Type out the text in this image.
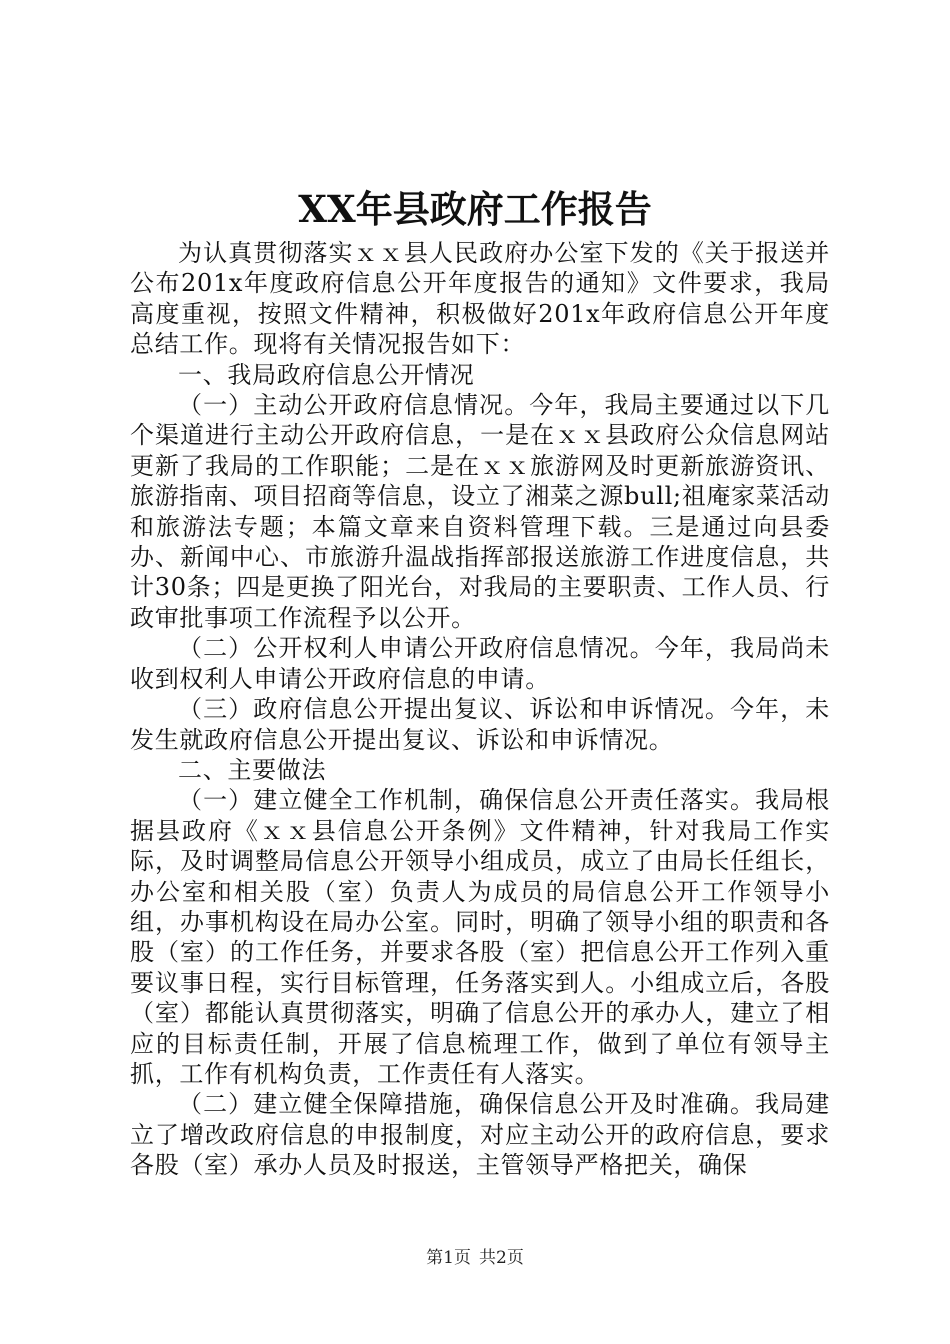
XX年县政府工作报告

为认真贯彻落实ｘｘ县人民政府办公室下发的《关于报送并公布201x年度政府信息公开年度报告的通知》文件要求，我局高度重视，按照文件精神，积极做好201x年政府信息公开年度总结工作。现将有关情况报告如下：

一、我局政府信息公开情况

（一）主动公开政府信息情况。今年，我局主要通过以下几个渠道进行主动公开政府信息，一是在ｘｘ县政府公众信息网站更新了我局的工作职能；二是在ｘｘ旅游网及时更新旅游资讯、旅游指南、项目招商等信息，设立了湘菜之源bull;祖庵家菜活动和旅游法专题；本篇文章来自资料管理下载。三是通过向县委办、新闻中心、市旅游升温战指挥部报送旅游工作进度信息，共计30条；四是更换了阳光台，对我局的主要职责、工作人员、行政审批事项工作流程予以公开。

（二）公开权利人申请公开政府信息情况。今年，我局尚未收到权利人申请公开政府信息的申请。

（三）政府信息公开提出复议、诉讼和申诉情况。今年，未发生就政府信息公开提出复议、诉讼和申诉情况。

二、主要做法

（一）建立健全工作机制，确保信息公开责任落实。我局根据县政府《ｘｘ县信息公开条例》文件精神，针对我局工作实际，及时调整局信息公开领导小组成员，成立了由局长任组长，办公室和相关股（室）负责人为成员的局信息公开工作领导小组，办事机构设在局办公室。同时，明确了领导小组的职责和各股（室）的工作任务，并要求各股（室）把信息公开工作列入重要议事日程，实行目标管理，任务落实到人。小组成立后，各股（室）都能认真贯彻落实，明确了信息公开的承办人，建立了相应的目标责任制，开展了信息梳理工作，做到了单位有领导主抓，工作有机构负责，工作责任有人落实。

（二）建立健全保障措施，确保信息公开及时准确。我局建立了增改政府信息的申报制度，对应主动公开的政府信息，要求各股（室）承办人员及时报送，主管领导严格把关，确保

第1页 共2页
